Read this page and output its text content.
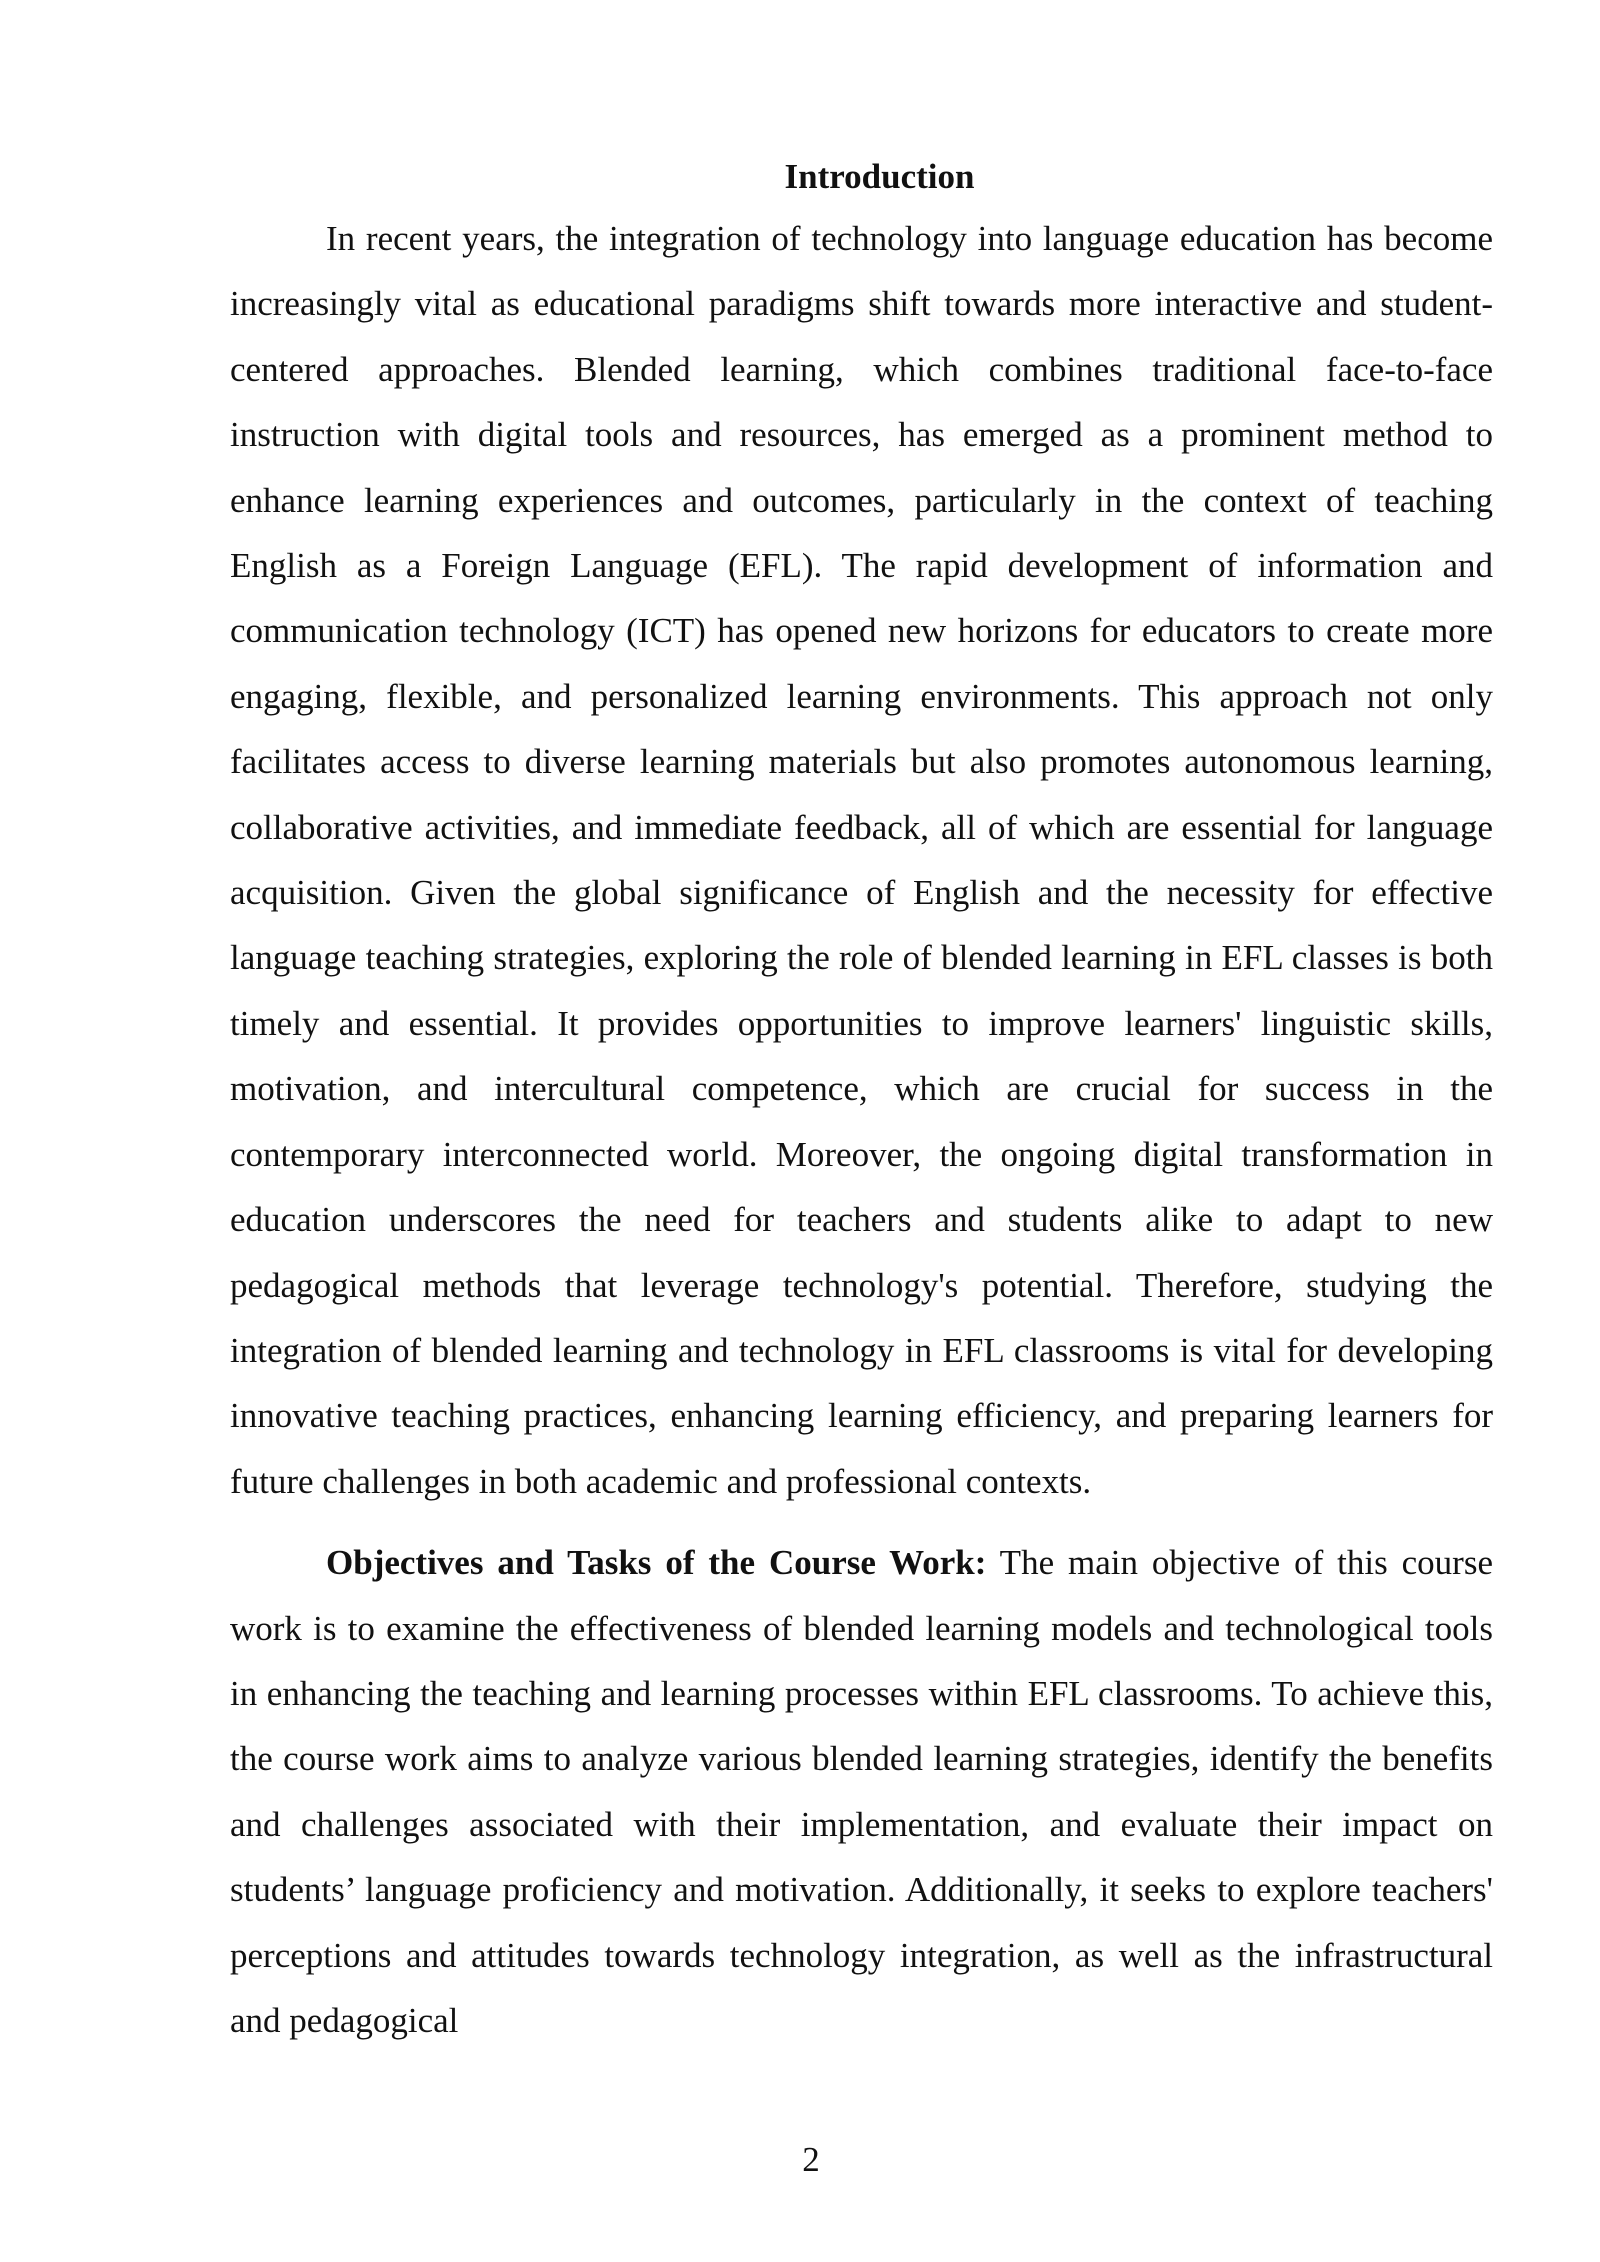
Introduction

In recent years, the integration of technology into language education has become increasingly vital as educational paradigms shift towards more interactive and student-centered approaches. Blended learning, which combines traditional face-to-face instruction with digital tools and resources, has emerged as a prominent method to enhance learning experiences and outcomes, particularly in the context of teaching English as a Foreign Language (EFL). The rapid development of information and communication technology (ICT) has opened new horizons for educators to create more engaging, flexible, and personalized learning environments. This approach not only facilitates access to diverse learning materials but also promotes autonomous learning, collaborative activities, and immediate feedback, all of which are essential for language acquisition. Given the global significance of English and the necessity for effective language teaching strategies, exploring the role of blended learning in EFL classes is both timely and essential. It provides opportunities to improve learners' linguistic skills, motivation, and intercultural competence, which are crucial for success in the contemporary interconnected world. Moreover, the ongoing digital transformation in education underscores the need for teachers and students alike to adapt to new pedagogical methods that leverage technology's potential. Therefore, studying the integration of blended learning and technology in EFL classrooms is vital for developing innovative teaching practices, enhancing learning efficiency, and preparing learners for future challenges in both academic and professional contexts.

Objectives and Tasks of the Course Work: The main objective of this course work is to examine the effectiveness of blended learning models and technological tools in enhancing the teaching and learning processes within EFL classrooms. To achieve this, the course work aims to analyze various blended learning strategies, identify the benefits and challenges associated with their implementation, and evaluate their impact on students’ language proficiency and motivation. Additionally, it seeks to explore teachers' perceptions and attitudes towards technology integration, as well as the infrastructural and pedagogical

2
